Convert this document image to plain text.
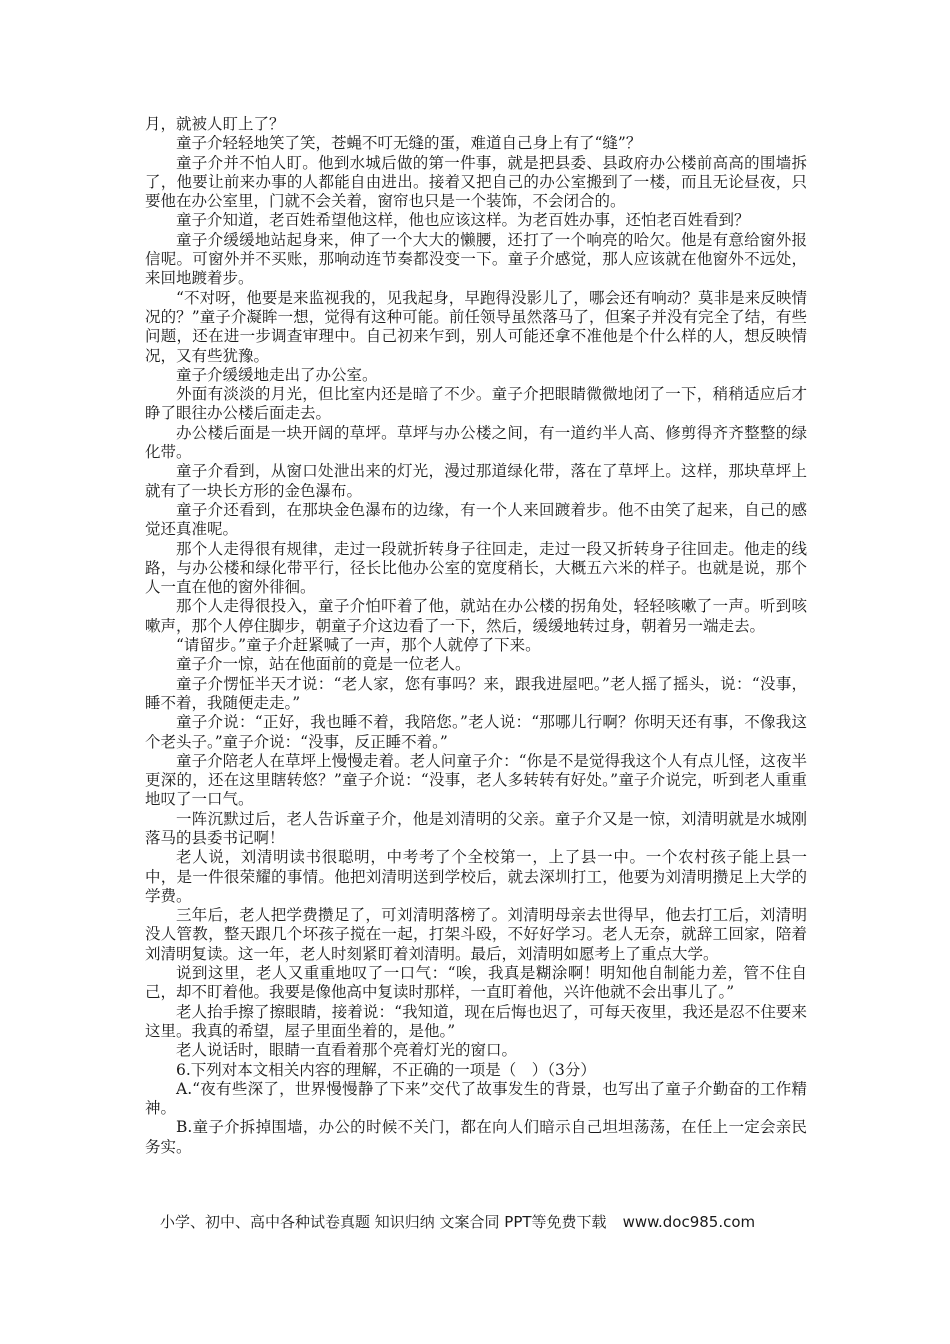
月，就被人盯上了？

童子介轻轻地笑了笑，苍蝇不叮无缝的蛋，难道自己身上有了“缝”？

童子介并不怕人盯。他到水城后做的第一件事，就是把县委、县政府办公楼前高高的围墙拆了，他要让前来办事的人都能自由进出。接着又把自己的办公室搬到了一楼，而且无论昼夜，只要他在办公室里，门就不会关着，窗帘也只是一个装饰，不会闭合的。

童子介知道，老百姓希望他这样，他也应该这样。为老百姓办事，还怕老百姓看到？

童子介缓缓地站起身来，伸了一个大大的懒腰，还打了一个响亮的哈欠。他是有意给窗外报信呢。可窗外并不买账，那响动连节奏都没变一下。童子介感觉，那人应该就在他窗外不远处，来回地踱着步。

“不对呀，他要是来监视我的，见我起身，早跑得没影儿了，哪会还有响动？莫非是来反映情况的？”童子介凝眸一想，觉得有这种可能。前任领导虽然落马了，但案子并没有完全了结，有些问题，还在进一步调查审理中。自己初来乍到，别人可能还拿不准他是个什么样的人，想反映情况，又有些犹豫。

童子介缓缓地走出了办公室。

外面有淡淡的月光，但比室内还是暗了不少。童子介把眼睛微微地闭了一下，稍稍适应后才睁了眼往办公楼后面走去。

办公楼后面是一块开阔的草坪。草坪与办公楼之间，有一道约半人高、修剪得齐齐整整的绿化带。

童子介看到，从窗口处泄出来的灯光，漫过那道绿化带，落在了草坪上。这样，那块草坪上就有了一块长方形的金色瀑布。

童子介还看到，在那块金色瀑布的边缘，有一个人来回踱着步。他不由笑了起来，自己的感觉还真准呢。

那个人走得很有规律，走过一段就折转身子往回走，走过一段又折转身子往回走。他走的线路，与办公楼和绿化带平行，径长比他办公室的宽度稍长，大概五六米的样子。也就是说，那个人一直在他的窗外徘徊。

那个人走得很投入，童子介怕吓着了他，就站在办公楼的拐角处，轻轻咳嗽了一声。听到咳嗽声，那个人停住脚步，朝童子介这边看了一下，然后，缓缓地转过身，朝着另一端走去。

“请留步。”童子介赶紧喊了一声，那个人就停了下来。

童子介一惊，站在他面前的竟是一位老人。

童子介愣怔半天才说：“老人家，您有事吗？来，跟我进屋吧。”老人摇了摇头，说：“没事，睡不着，我随便走走。”

童子介说：“正好，我也睡不着，我陪您。”老人说：“那哪儿行啊？你明天还有事，不像我这个老头子。”童子介说：“没事，反正睡不着。”

童子介陪老人在草坪上慢慢走着。老人问童子介：“你是不是觉得我这个人有点儿怪，这夜半更深的，还在这里瞎转悠？”童子介说：“没事，老人多转转有好处。”童子介说完，听到老人重重地叹了一口气。

一阵沉默过后，老人告诉童子介，他是刘清明的父亲。童子介又是一惊，刘清明就是水城刚落马的县委书记啊！

老人说，刘清明读书很聪明，中考考了个全校第一，上了县一中。一个农村孩子能上县一中，是一件很荣耀的事情。他把刘清明送到学校后，就去深圳打工，他要为刘清明攒足上大学的学费。

三年后，老人把学费攒足了，可刘清明落榜了。刘清明母亲去世得早，他去打工后，刘清明没人管教，整天跟几个坏孩子搅在一起，打架斗殴，不好好学习。老人无奈，就辞工回家，陪着刘清明复读。这一年，老人时刻紧盯着刘清明。最后，刘清明如愿考上了重点大学。

说到这里，老人又重重地叹了一口气：“唉，我真是糊涂啊！明知他自制能力差，管不住自己，却不盯着他。我要是像他高中复读时那样，一直盯着他，兴许他就不会出事儿了。”

老人抬手擦了擦眼睛，接着说：“我知道，现在后悔也迟了，可每天夜里，我还是忍不住要来这里。我真的希望，屋子里面坐着的，是他。”

老人说话时，眼睛一直看着那个亮着灯光的窗口。

6.下列对本文相关内容的理解，不正确的一项是（　）（3分）

A.“夜有些深了，世界慢慢静了下来”交代了故事发生的背景，也写出了童子介勤奋的工作精神。

B.童子介拆掉围墙，办公的时候不关门，都在向人们暗示自己坦坦荡荡，在任上一定会亲民务实。

小学、初中、高中各种试卷真题 知识归纳 文案合同 PPT等免费下载 www.doc985.com
